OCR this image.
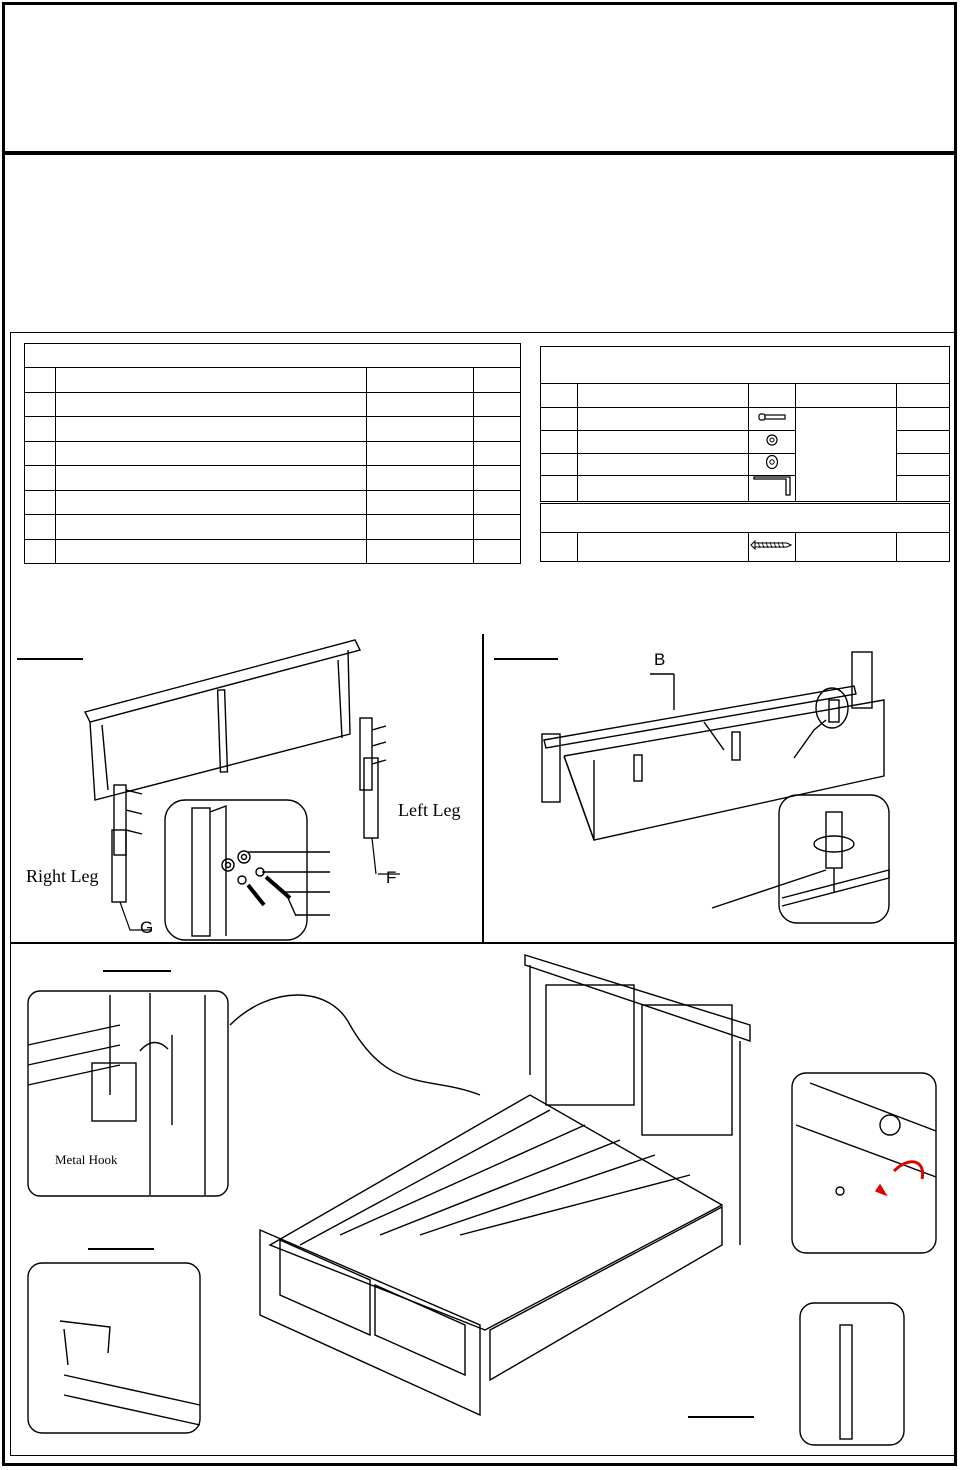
Left Leg
Right Leg	F
G
B
Metal Hook
